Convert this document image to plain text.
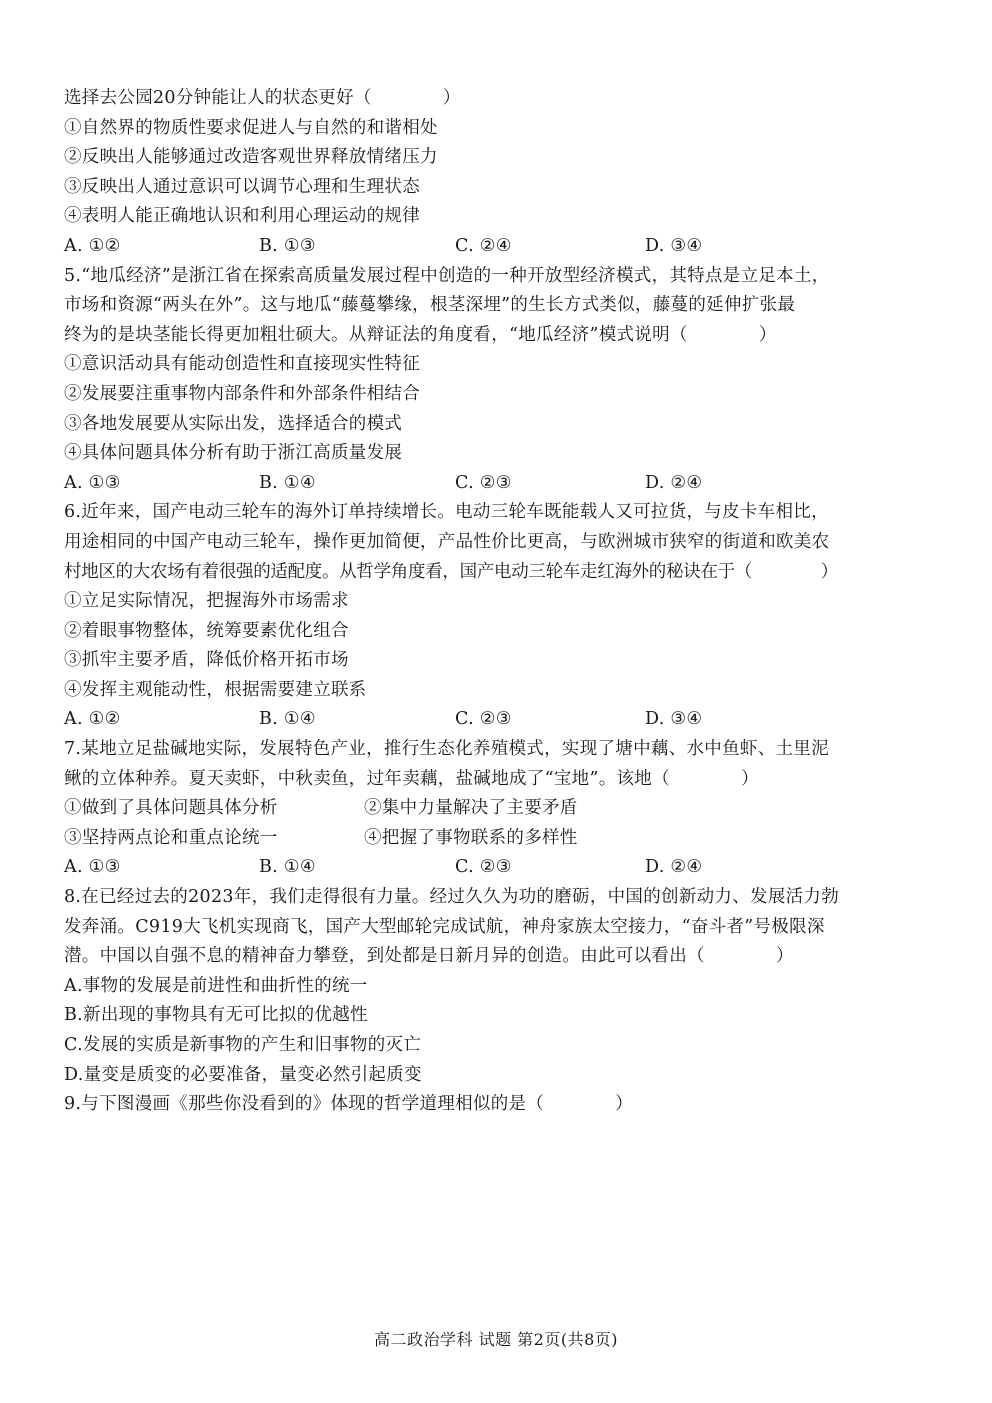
选择去公园20分钟能让人的状态更好（　　　　）
①自然界的物质性要求促进人与自然的和谐相处
②反映出人能够通过改造客观世界释放情绪压力
③反映出人通过意识可以调节心理和生理状态
④表明人能正确地认识和利用心理运动的规律
A. ①②	B. ①③	C. ②④	D. ③④
5.“地瓜经济”是浙江省在探索高质量发展过程中创造的一种开放型经济模式，其特点是立足本土，
市场和资源“两头在外”。这与地瓜“藤蔓攀缘，根茎深埋”的生长方式类似，藤蔓的延伸扩张最
终为的是块茎能长得更加粗壮硕大。从辩证法的角度看，“地瓜经济”模式说明（　　　　）
①意识活动具有能动创造性和直接现实性特征
②发展要注重事物内部条件和外部条件相结合
③各地发展要从实际出发，选择适合的模式
④具体问题具体分析有助于浙江高质量发展
A. ①③	B. ①④	C. ②③	D. ②④
6.近年来，国产电动三轮车的海外订单持续增长。电动三轮车既能载人又可拉货，与皮卡车相比，
用途相同的中国产电动三轮车，操作更加简便，产品性价比更高，与欧洲城市狭窄的街道和欧美农
村地区的大农场有着很强的适配度。从哲学角度看，国产电动三轮车走红海外的秘诀在于（　　　　）
①立足实际情况，把握海外市场需求
②着眼事物整体，统筹要素优化组合
③抓牢主要矛盾，降低价格开拓市场
④发挥主观能动性，根据需要建立联系
A. ①②	B. ①④	C. ②③	D. ③④
7.某地立足盐碱地实际，发展特色产业，推行生态化养殖模式，实现了塘中藕、水中鱼虾、土里泥
鳅的立体种养。夏天卖虾，中秋卖鱼，过年卖藕，盐碱地成了“宝地”。该地（　　　　）
①做到了具体问题具体分析	②集中力量解决了主要矛盾
③坚持两点论和重点论统一	④把握了事物联系的多样性
A. ①③	B. ①④	C. ②③	D. ②④
8.在已经过去的2023年，我们走得很有力量。经过久久为功的磨砺，中国的创新动力、发展活力勃
发奔涌。C919大飞机实现商飞，国产大型邮轮完成试航，神舟家族太空接力，“奋斗者”号极限深
潜。中国以自强不息的精神奋力攀登，到处都是日新月异的创造。由此可以看出（　　　　）
A.事物的发展是前进性和曲折性的统一
B.新出现的事物具有无可比拟的优越性
C.发展的实质是新事物的产生和旧事物的灭亡
D.量变是质变的必要准备，量变必然引起质变
9.与下图漫画《那些你没看到的》体现的哲学道理相似的是（　　　　）
高二政治学科 试题 第2页(共8页)
